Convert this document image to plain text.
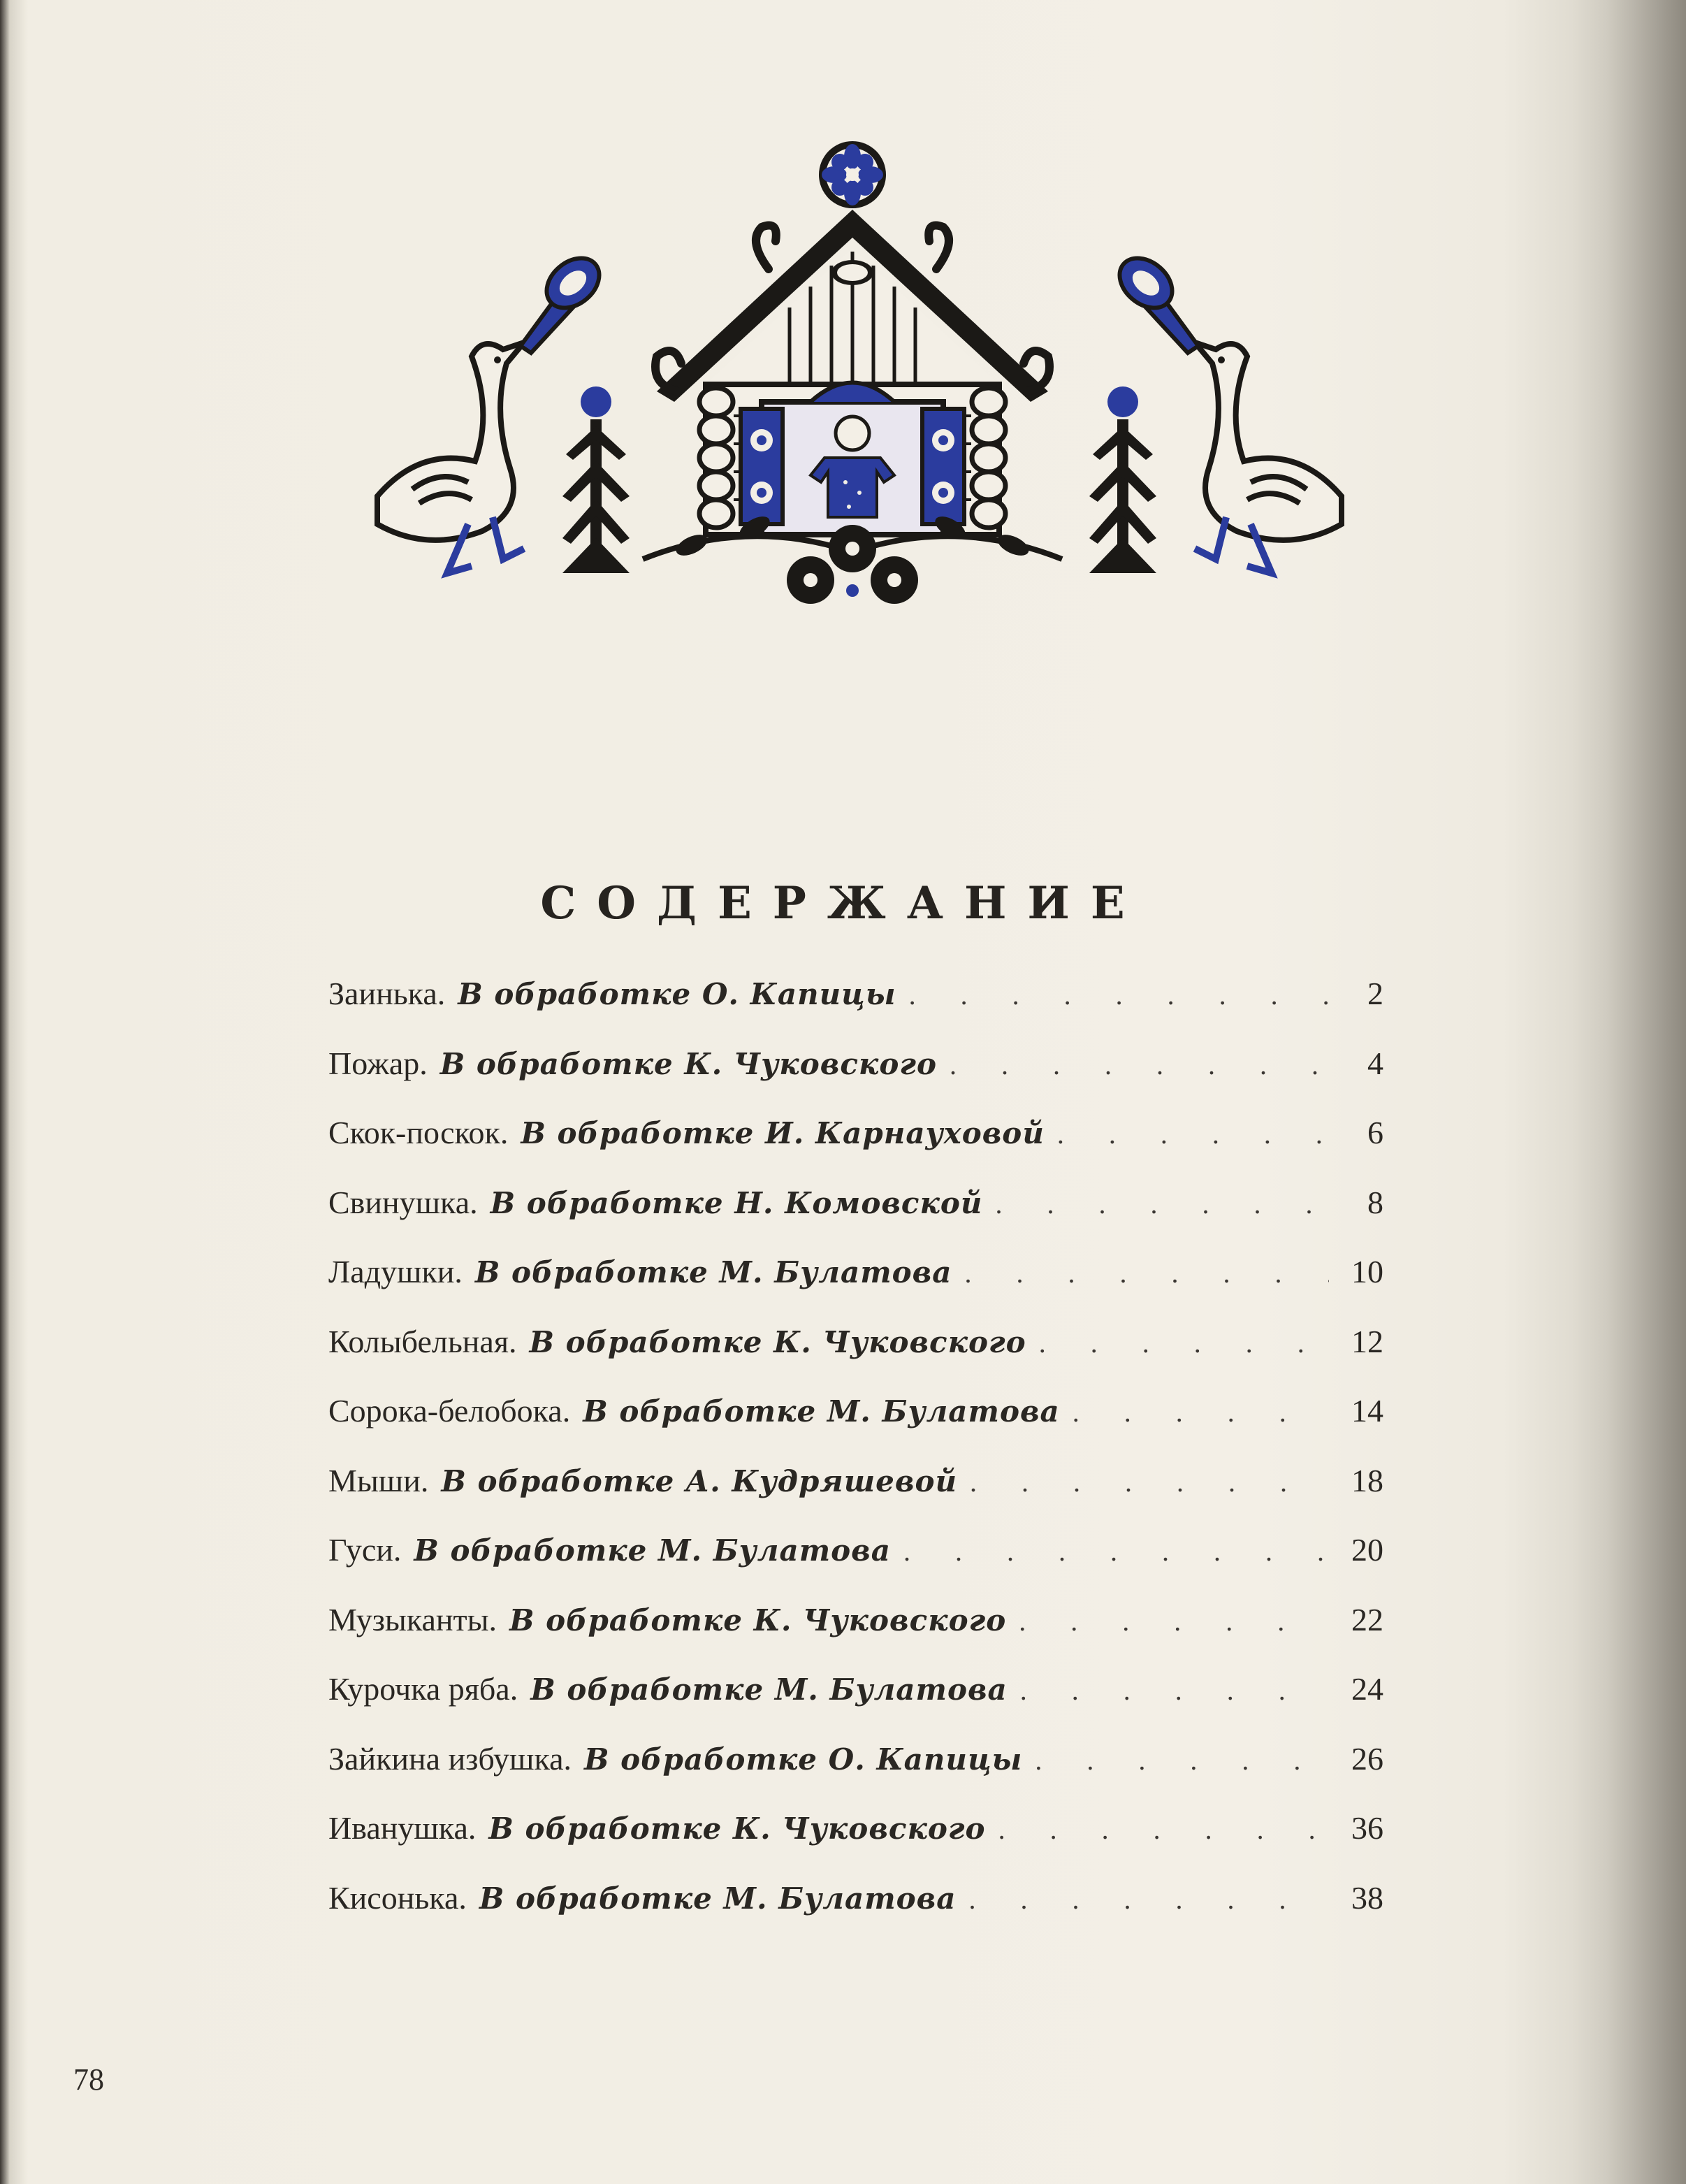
СОДЕРЖАНИЕ
Заинька. В обработке О. Капицы . . .	2
Пожар. В обработке К. Чуковского . . .	4
Скок-поскок. В обработке И. Карнауховой . . .	6
Свинушка. В обработке Н. Комовской . . .	8
Ладушки. В обработке М. Булатова . . .	10
Колыбельная. В обработке К. Чуковского . . .	12
Сорока-белобока. В обработке М. Булатова . . .	14
Мыши. В обработке А. Кудряшевой . . .	18
Гуси. В обработке М. Булатова . . .	20
Музыканты. В обработке К. Чуковского . . .	22
Курочка ряба. В обработке М. Булатова . . .	24
Зайкина избушка. В обработке О. Капицы . . .	26
Иванушка. В обработке К. Чуковского . . .	36
Кисонька. В обработке М. Булатова . . .	38
78
